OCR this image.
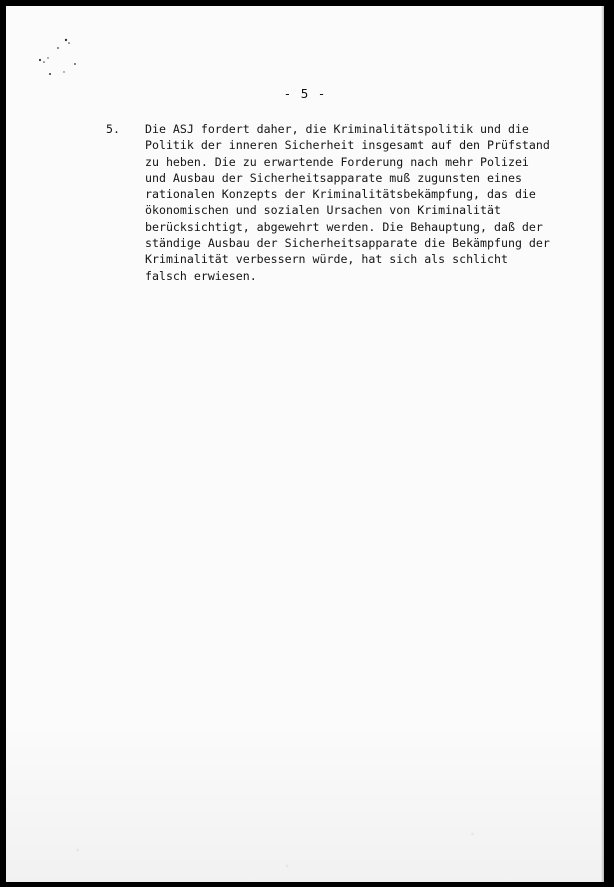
- 5 -
5. Die ASJ fordert daher, die Kriminalitätspolitik und die
Politik der inneren Sicherheit insgesamt auf den Prüfstand
zu heben. Die zu erwartende Forderung nach mehr Polizei
und Ausbau der Sicherheitsapparate muß zugunsten eines
rationalen Konzepts der Kriminalitätsbekämpfung, das die
ökonomischen und sozialen Ursachen von Kriminalität
berücksichtigt, abgewehrt werden. Die Behauptung, daß der
ständige Ausbau der Sicherheitsapparate die Bekämpfung der
Kriminalität verbessern würde, hat sich als schlicht
falsch erwiesen.
